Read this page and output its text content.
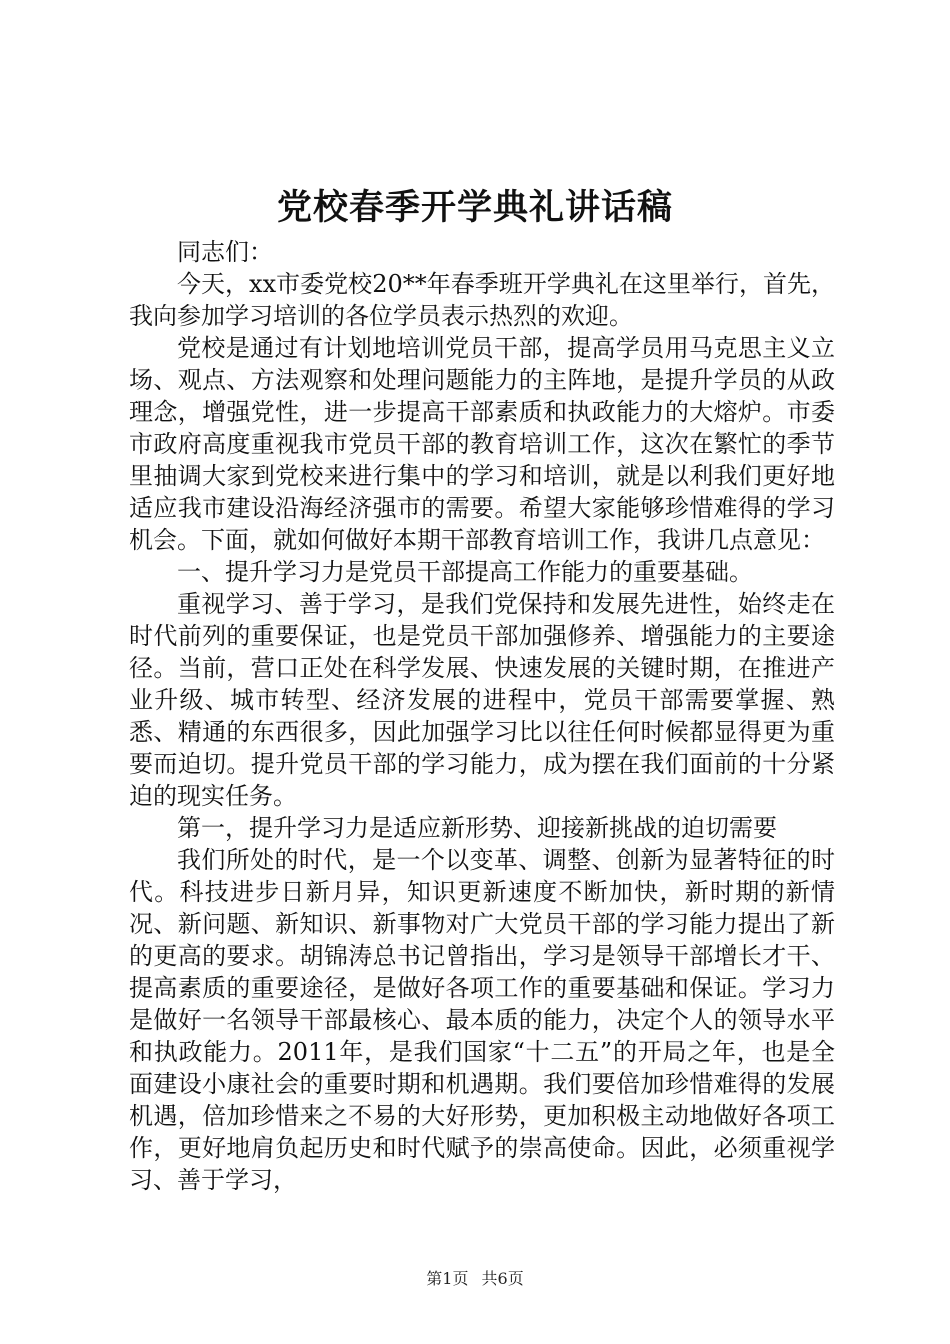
党校春季开学典礼讲话稿

同志们：

今天，xx市委党校20**年春季班开学典礼在这里举行，首先，我向参加学习培训的各位学员表示热烈的欢迎。

党校是通过有计划地培训党员干部，提高学员用马克思主义立场、观点、方法观察和处理问题能力的主阵地，是提升学员的从政理念，增强党性，进一步提高干部素质和执政能力的大熔炉。市委市政府高度重视我市党员干部的教育培训工作，这次在繁忙的季节里抽调大家到党校来进行集中的学习和培训，就是以利我们更好地适应我市建设沿海经济强市的需要。希望大家能够珍惜难得的学习机会。下面，就如何做好本期干部教育培训工作，我讲几点意见：

一、提升学习力是党员干部提高工作能力的重要基础。

重视学习、善于学习，是我们党保持和发展先进性，始终走在时代前列的重要保证，也是党员干部加强修养、增强能力的主要途径。当前，营口正处在科学发展、快速发展的关键时期，在推进产业升级、城市转型、经济发展的进程中，党员干部需要掌握、熟悉、精通的东西很多，因此加强学习比以往任何时候都显得更为重要而迫切。提升党员干部的学习能力，成为摆在我们面前的十分紧迫的现实任务。

第一，提升学习力是适应新形势、迎接新挑战的迫切需要

我们所处的时代，是一个以变革、调整、创新为显著特征的时代。科技进步日新月异，知识更新速度不断加快，新时期的新情况、新问题、新知识、新事物对广大党员干部的学习能力提出了新的更高的要求。胡锦涛总书记曾指出，学习是领导干部增长才干、提高素质的重要途径，是做好各项工作的重要基础和保证。学习力是做好一名领导干部最核心、最本质的能力，决定个人的领导水平和执政能力。2011年，是我们国家“十二五”的开局之年，也是全面建设小康社会的重要时期和机遇期。我们要倍加珍惜难得的发展机遇，倍加珍惜来之不易的大好形势，更加积极主动地做好各项工作，更好地肩负起历史和时代赋予的崇高使命。因此，必须重视学习、善于学习，

第1页 共6页
